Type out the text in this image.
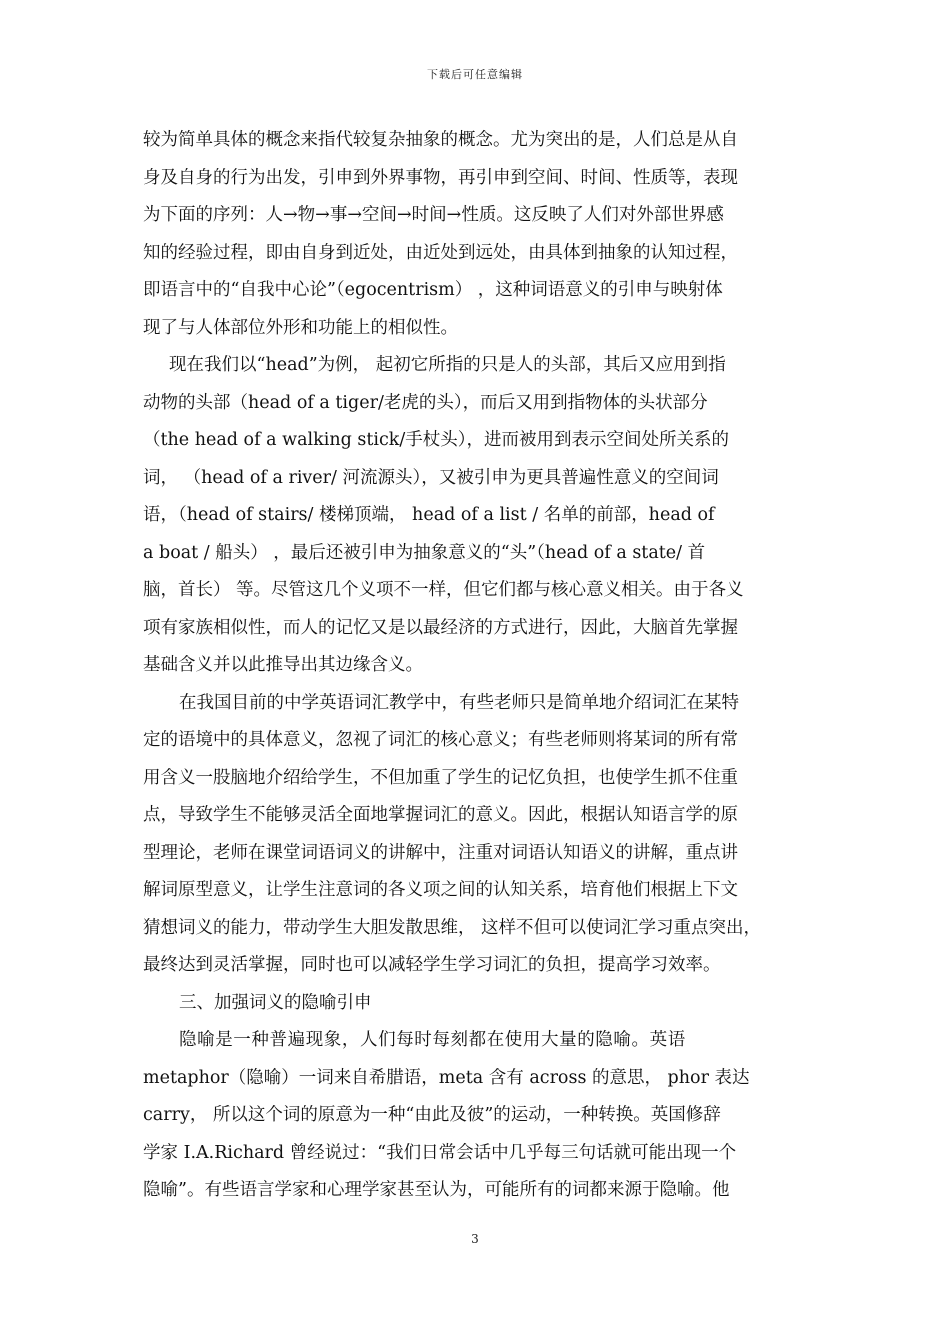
下载后可任意编辑
较为简单具体的概念来指代较复杂抽象的概念。尤为突出的是，人们总是从自
身及自身的行为出发，引申到外界事物，再引申到空间、时间、性质等，表现
为下面的序列：人→物→事→空间→时间→性质。这反映了人们对外部世界感
知的经验过程，即由自身到近处，由近处到远处，由具体到抽象的认知过程，
即语言中的“自我中心论”（egocentrism） ，这种词语意义的引申与映射体
现了与人体部位外形和功能上的相似性。
现在我们以“head”为例， 起初它所指的只是人的头部，其后又应用到指
动物的头部（head of a tiger/老虎的头），而后又用到指物体的头状部分
（the head of a walking stick/手杖头），进而被用到表示空间处所关系的
词， （head of a river/ 河流源头），又被引申为更具普遍性意义的空间词
语，（head of stairs/ 楼梯顶端， head of a list / 名单的前部，head of
a boat / 船头） ，最后还被引申为抽象意义的“头”（head of a state/ 首
脑，首长） 等。尽管这几个义项不一样，但它们都与核心意义相关。由于各义
项有家族相似性，而人的记忆又是以最经济的方式进行，因此，大脑首先掌握
基础含义并以此推导出其边缘含义。
在我国目前的中学英语词汇教学中，有些老师只是简单地介绍词汇在某特
定的语境中的具体意义，忽视了词汇的核心意义；有些老师则将某词的所有常
用含义一股脑地介绍给学生，不但加重了学生的记忆负担，也使学生抓不住重
点，导致学生不能够灵活全面地掌握词汇的意义。因此，根据认知语言学的原
型理论，老师在课堂词语词义的讲解中，注重对词语认知语义的讲解，重点讲
解词原型意义，让学生注意词的各义项之间的认知关系，培育他们根据上下文
猜想词义的能力，带动学生大胆发散思维， 这样不但可以使词汇学习重点突出，
最终达到灵活掌握，同时也可以减轻学生学习词汇的负担，提高学习效率。
三、加强词义的隐喻引申
隐喻是一种普遍现象，人们每时每刻都在使用大量的隐喻。英语
metaphor（隐喻）一词来自希腊语，meta 含有 across 的意思， phor 表达
carry， 所以这个词的原意为一种“由此及彼”的运动，一种转换。英国修辞
学家 I.A.Richard 曾经说过：“我们日常会话中几乎每三句话就可能出现一个
隐喻”。有些语言学家和心理学家甚至认为，可能所有的词都来源于隐喻。他
3
